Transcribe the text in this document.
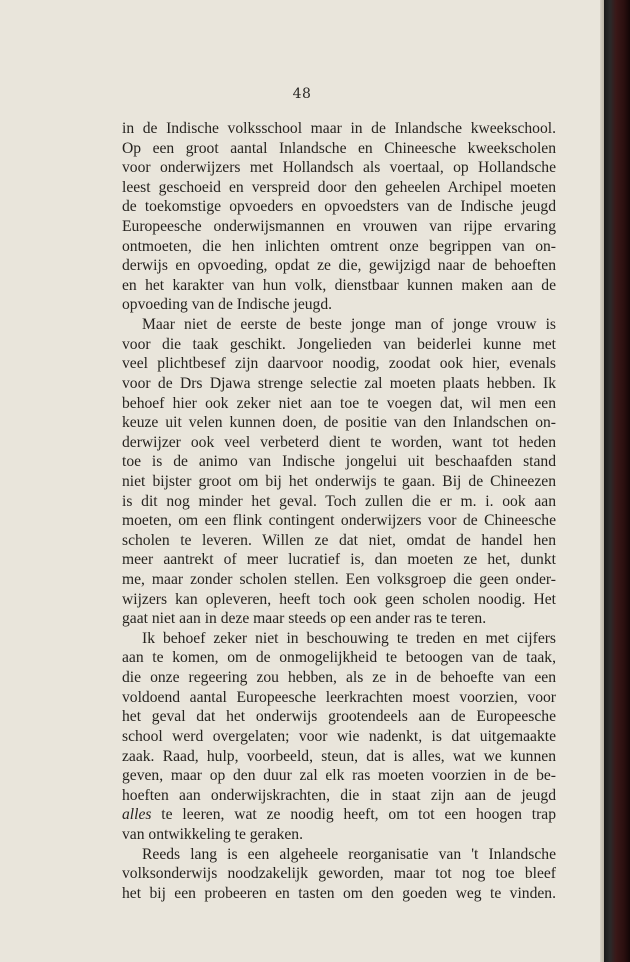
48
in de Indische volksschool maar in de Inlandsche kweekschool.
Op een groot aantal Inlandsche en Chineesche kweekscholen
voor onderwijzers met Hollandsch als voertaal, op Hollandsche
leest geschoeid en verspreid door den geheelen Archipel moeten
de toekomstige opvoeders en opvoedsters van de Indische jeugd
Europeesche onderwijsmannen en vrouwen van rijpe ervaring
ontmoeten, die hen inlichten omtrent onze begrippen van on-
derwijs en opvoeding, opdat ze die, gewijzigd naar de behoeften
en het karakter van hun volk, dienstbaar kunnen maken aan de
opvoeding van de Indische jeugd.
Maar niet de eerste de beste jonge man of jonge vrouw is
voor die taak geschikt. Jongelieden van beiderlei kunne met
veel plichtbesef zijn daarvoor noodig, zoodat ook hier, evenals
voor de Drs Djawa strenge selectie zal moeten plaats hebben. Ik
behoef hier ook zeker niet aan toe te voegen dat, wil men een
keuze uit velen kunnen doen, de positie van den Inlandschen on-
derwijzer ook veel verbeterd dient te worden, want tot heden
toe is de animo van Indische jongelui uit beschaafden stand
niet bijster groot om bij het onderwijs te gaan. Bij de Chineezen
is dit nog minder het geval. Toch zullen die er m. i. ook aan
moeten, om een flink contingent onderwijzers voor de Chineesche
scholen te leveren. Willen ze dat niet, omdat de handel hen
meer aantrekt of meer lucratief is, dan moeten ze het, dunkt
me, maar zonder scholen stellen. Een volksgroep die geen onder-
wijzers kan opleveren, heeft toch ook geen scholen noodig. Het
gaat niet aan in deze maar steeds op een ander ras te teren.
Ik behoef zeker niet in beschouwing te treden en met cijfers
aan te komen, om de onmogelijkheid te betoogen van de taak,
die onze regeering zou hebben, als ze in de behoefte van een
voldoend aantal Europeesche leerkrachten moest voorzien, voor
het geval dat het onderwijs grootendeels aan de Europeesche
school werd overgelaten; voor wie nadenkt, is dat uitgemaakte
zaak. Raad, hulp, voorbeeld, steun, dat is alles, wat we kunnen
geven, maar op den duur zal elk ras moeten voorzien in de be-
hoeften aan onderwijskrachten, die in staat zijn aan de jeugd
alles te leeren, wat ze noodig heeft, om tot een hoogen trap
van ontwikkeling te geraken.
Reeds lang is een algeheele reorganisatie van 't Inlandsche
volksonderwijs noodzakelijk geworden, maar tot nog toe bleef
het bij een probeeren en tasten om den goeden weg te vinden.
